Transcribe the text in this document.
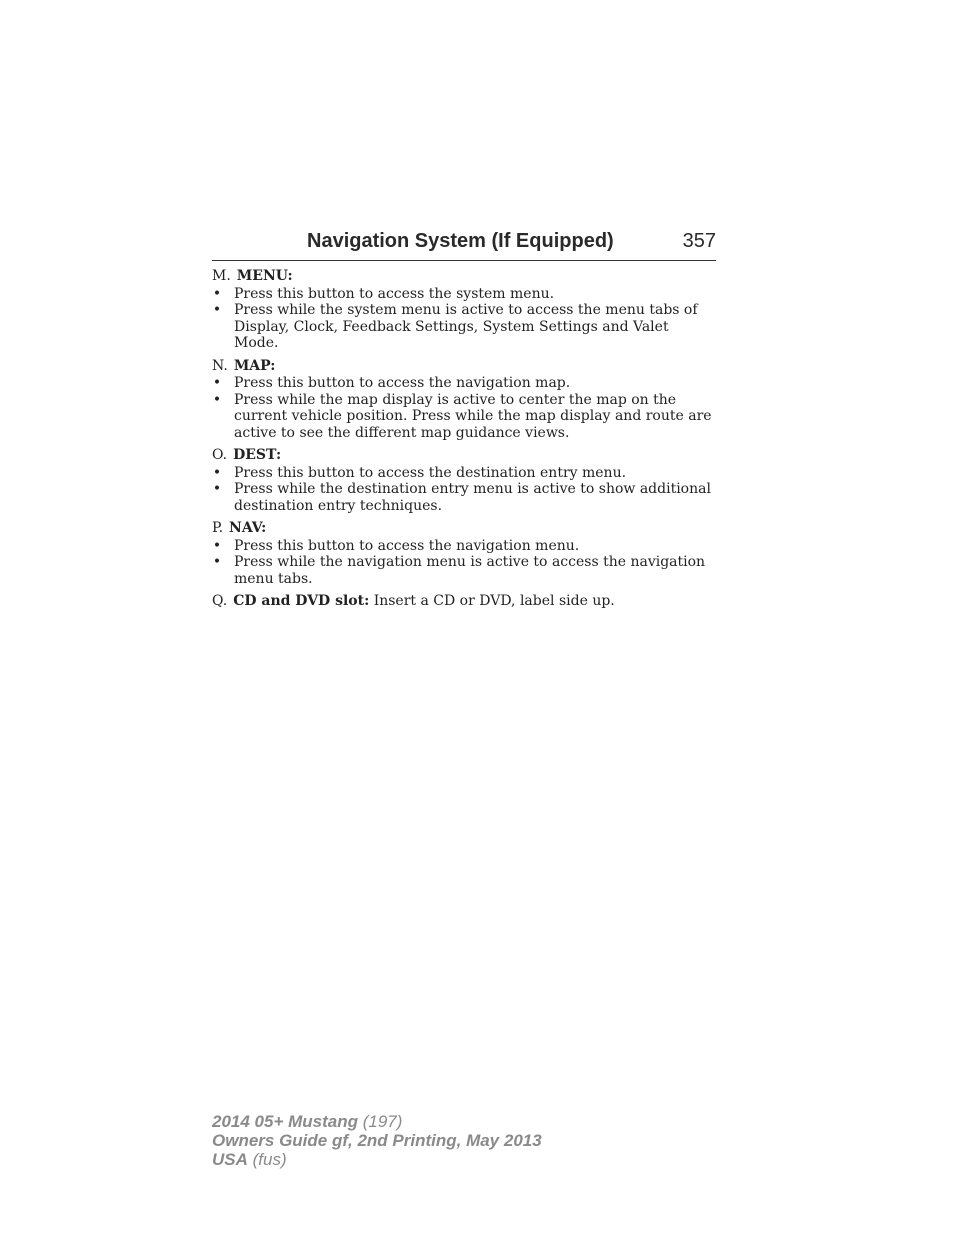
Navigation System (If Equipped)	357
M. MENU:
• Press this button to access the system menu.
• Press while the system menu is active to access the menu tabs of Display, Clock, Feedback Settings, System Settings and Valet Mode.
N. MAP:
• Press this button to access the navigation map.
• Press while the map display is active to center the map on the current vehicle position. Press while the map display and route are active to see the different map guidance views.
O. DEST:
• Press this button to access the destination entry menu.
• Press while the destination entry menu is active to show additional destination entry techniques.
P. NAV:
• Press this button to access the navigation menu.
• Press while the navigation menu is active to access the navigation menu tabs.
Q. CD and DVD slot: Insert a CD or DVD, label side up.
2014 05+ Mustang (197)
Owners Guide gf, 2nd Printing, May 2013
USA (fus)
